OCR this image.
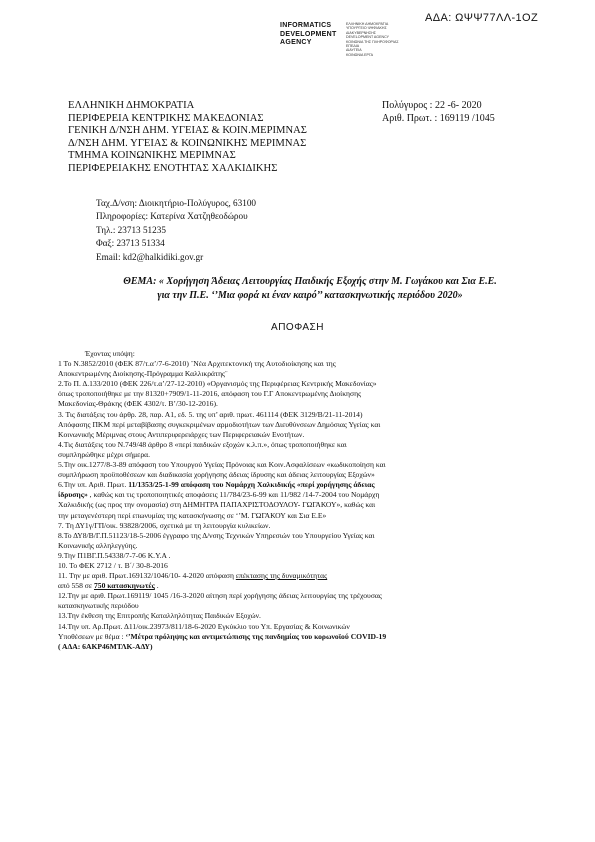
ΑΔΑ: ΩΨΨ77ΛΛ-1ΟΖ
INFORMATICS
DEVELOPMENT
AGENCY
ΕΛΛΗΝΙΚΗ ΔΗΜΟΚΡΑΤΙΑ
ΥΠΟΥΡΓΕΙΟ ΨΗΦΙΑΚΗΣ
ΔΙΑΚΥΒΕΡΝΗΣΗΣ
DEVELOPMENT AGENCY
ΚΟΙΝΩΝΙΑ ΤΗΣ ΠΛΗΡΟΦΟΡΙΑΣ
ΕΠΕΔΙΑ
ΔΙΑΥΓΕΙΑ
ΚΟΙΝΩΝΙΑ ΕΡΓΑ
ΕΛΛΗΝΙΚΗ ΔΗΜΟΚΡΑΤΙΑ
ΠΕΡΙΦΕΡΕΙΑ ΚΕΝΤΡΙΚΗΣ ΜΑΚΕΔΟΝΙΑΣ
ΓΕΝΙΚΗ Δ/ΝΣΗ ΔΗΜ. ΥΓΕΙΑΣ & ΚΟΙΝ.ΜΕΡΙΜΝΑΣ
Δ/ΝΣΗ ΔΗΜ. ΥΓΕΙΑΣ & ΚΟΙΝΩΝΙΚΗΣ ΜΕΡΙΜΝΑΣ
ΤΜΗΜΑ ΚΟΙΝΩΝΙΚΗΣ ΜΕΡΙΜΝΑΣ
ΠΕΡΙΦΕΡΕΙΑΚΗΣ ΕΝΟΤΗΤΑΣ ΧΑΛΚΙΔΙΚΗΣ
Πολύγυρος : 22 -6- 2020
Αριθ. Πρωτ. : 169119 /1045
Ταχ.Δ/νση: Διοικητήριο-Πολύγυρος, 63100
Πληροφορίες: Κατερίνα Χατζηθεοδώρου
Τηλ.: 23713 51235
Φαξ: 23713 51334
Email: kd2@halkidiki.gov.gr
ΘΕΜΑ: « Χορήγηση Άδειας Λειτουργίας Παιδικής Εξοχής στην Μ. Γωγάκου και Σια Ε.Ε.
για την Π.Ε. ‘’Μια φορά κι έναν καιρό’’ κατασκηνωτικής περιόδου 2020»
ΑΠΟΦΑΣΗ
Έχοντας υπόψη:
1 Το Ν.3852/2010 (ΦΕΚ 87/τ.α’/7-6-2010) ¨Νέα Αρχιτεκτονική της Αυτοδιοίκησης και της
Αποκεντρωμένης Διοίκησης-Πρόγραμμα Καλλικράτης¨
2.Το Π. Δ.133/2010 (ΦΕΚ 226/τ.α’/27-12-2010) «Οργανισμός της Περιφέρειας Κεντρικής Μακεδονίας»
όπως τροποποιήθηκε με την 81320+7909/1-11-2016, απόφαση του Γ.Γ Αποκεντρωμένης Διοίκησης
Μακεδονίας-Θράκης (ΦΕΚ 4302/τ. Β’/30-12-2016).
3. Τις διατάξεις του άρθρ. 28, παρ. Α1, εδ. 5. της υπ’ αριθ. πρωτ. 461114 (ΦΕΚ 3129/Β/21-11-2014)
Απόφασης ΠΚΜ περί μεταβίβασης συγκεκριμένων αρμοδιοτήτων των Διευθύνσεων Δημόσιας Υγείας και
Κοινωνικής Μέριμνας στους Αντιπεριφερειάρχες των Περιφερειακών Ενοτήτων.
4.Τις διατάξεις του Ν.749/48 άρθρο 8 «περί παιδικών εξοχών κ.λ.π.», όπως τροποποιήθηκε και
συμπληρώθηκε μέχρι σήμερα.
5.Την οικ.1277/8-3-89 απόφαση του Υπουργού Υγείας Πρόνοιας και Κοιν.Ασφαλίσεων «κωδικοποίηση και
συμπλήρωση προϋποθέσεων και διαδικασία χορήγησης άδειας ίδρυσης και άδειας λειτουργίας Εξοχών»
6.Την υπ. Αριθ. Πρωτ. 11/1353/25-1-99 απόφαση του Νομάρχη Χαλκιδικής «περί χορήγησης άδειας
ίδρυσης» , καθώς και τις τροποποιητικές αποφάσεις 11/784/23-6-99 και 11/982 /14-7-2004 του Νομάρχη
Χαλκιδικής (ως προς την ονομασία) στη ΔΗΜΗΤΡΑ ΠΑΠΑΧΡΙΣΤΟΔΟΥΛΟΥ- ΓΩΓΑΚΟΥ», καθώς και
την μεταγενέστερη περί επωνυμίας της κατασκήνωσης σε ‘’Μ. ΓΩΓΑΚΟΥ και Σια Ε.Ε»
7. Τη ΔΥ1γ/ΓΠ/οικ. 93828/2006, σχετικά με τη λειτουργία κυλικείων.
8.Το ΔΥ8/Β/Γ.Π.51123/18-5-2006 έγγραφο της Δ/νσης Τεχνικών Υπηρεσιών του Υπουργείου Υγείας και
Κοινωνικής αλληλεγγύης.
9.Την Π1ΒΓ.Π.54338/7-7-06 Κ.Υ.Α .
10. Το ΦΕΚ 2712 / τ. Β΄/ 30-8-2016
11. Την με αριθ. Πρωτ.169132/1046/10- 4-2020 απόφαση επέκτασης της δυναμικότητας
από 558 σε 750 κατασκηνωτές .
12.Την με αριθ. Πρωτ.169119/ 1045 /16-3-2020 αίτηση περί χορήγησης άδειας λειτουργίας της τρέχουσας
κατασκηνωτικής περιόδου
13.Την έκθεση της Επιτροπής Καταλληλότητας Παιδικών Εξοχών.
14.Την υπ. Αρ.Πρωτ. Δ11/οικ.23973/811/18-6-2020 Εγκύκλιο του Υπ. Εργασίας & Κοινωνικών
Υποθέσεων με θέμα : ‘’Μέτρα πρόληψης και αντιμετώπισης της πανδημίας του κορωνοϊού COVID-19
( ΑΔΑ: 6ΑΚΡ46ΜΤΛΚ-ΑΔΥ)
